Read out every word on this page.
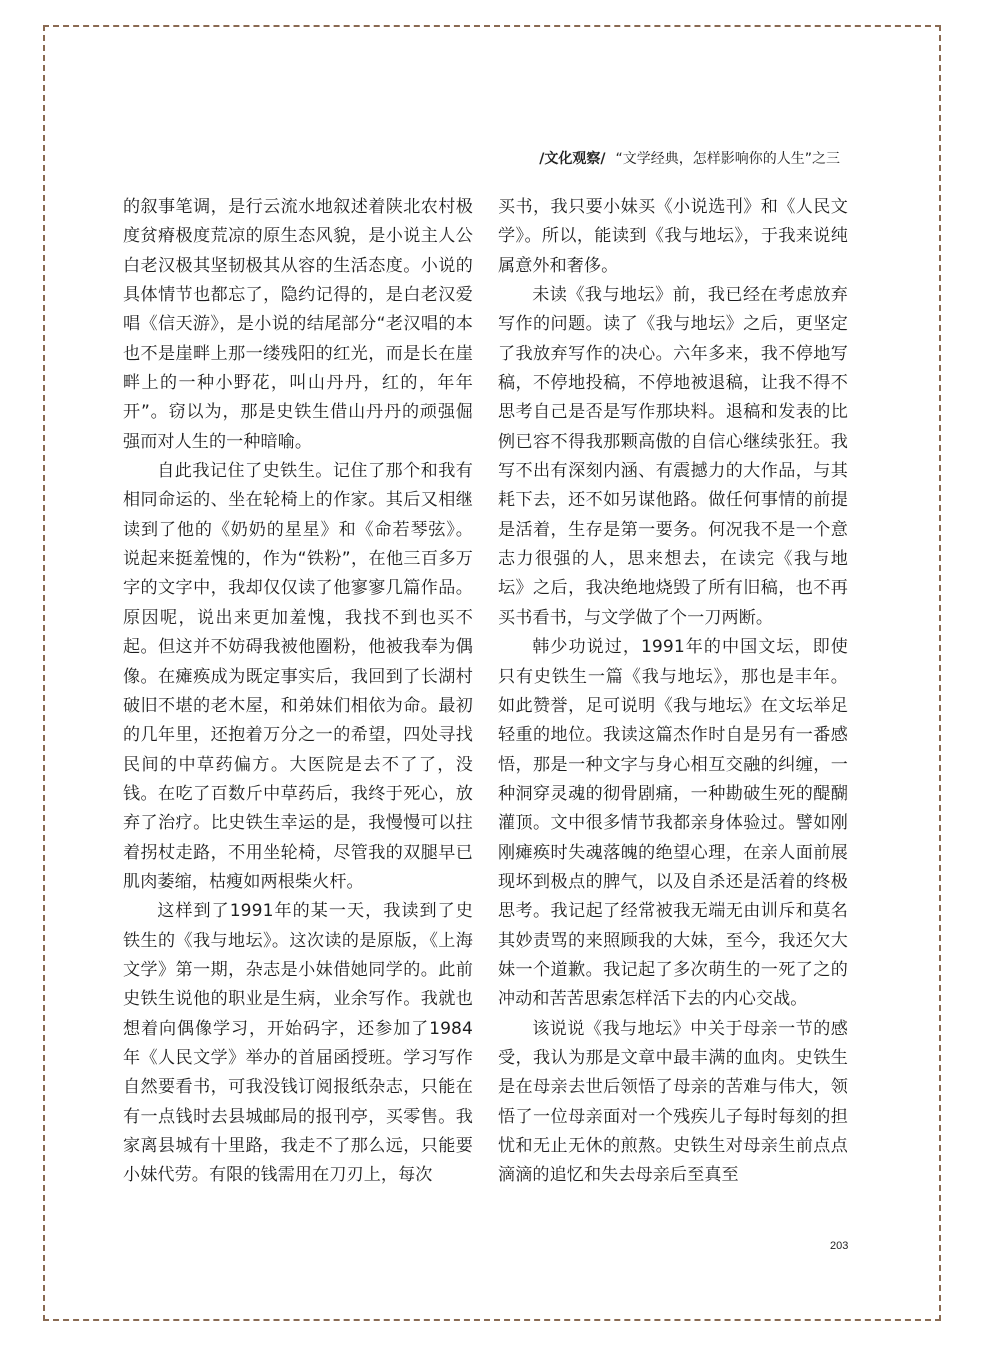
/文化观察/ “文学经典，怎样影响你的人生”之三

的叙事笔调，是行云流水地叙述着陕北农村极度贫瘠极度荒凉的原生态风貌，是小说主人公白老汉极其坚韧极其从容的生活态度。小说的具体情节也都忘了，隐约记得的，是白老汉爱唱《信天游》，是小说的结尾部分“老汉唱的本也不是崖畔上那一缕残阳的红光，而是长在崖畔上的一种小野花，叫山丹丹，红的，年年开”。窃以为，那是史铁生借山丹丹的顽强倔强而对人生的一种暗喻。

自此我记住了史铁生。记住了那个和我有相同命运的、坐在轮椅上的作家。其后又相继读到了他的《奶奶的星星》和《命若琴弦》。说起来挺羞愧的，作为“铁粉”，在他三百多万字的文字中，我却仅仅读了他寥寥几篇作品。原因呢，说出来更加羞愧，我找不到也买不起。但这并不妨碍我被他圈粉，他被我奉为偶像。在瘫痪成为既定事实后，我回到了长湖村破旧不堪的老木屋，和弟妹们相依为命。最初的几年里，还抱着万分之一的希望，四处寻找民间的中草药偏方。大医院是去不了了，没钱。在吃了百数斤中草药后，我终于死心，放弃了治疗。比史铁生幸运的是，我慢慢可以拄着拐杖走路，不用坐轮椅，尽管我的双腿早已肌肉萎缩，枯瘦如两根柴火杆。

这样到了1991年的某一天，我读到了史铁生的《我与地坛》。这次读的是原版，《上海文学》第一期，杂志是小妹借她同学的。此前史铁生说他的职业是生病，业余写作。我就也想着向偶像学习，开始码字，还参加了1984年《人民文学》举办的首届函授班。学习写作自然要看书，可我没钱订阅报纸杂志，只能在有一点钱时去县城邮局的报刊亭，买零售。我家离县城有十里路，我走不了那么远，只能要小妹代劳。有限的钱需用在刀刃上，每次

买书，我只要小妹买《小说选刊》和《人民文学》。所以，能读到《我与地坛》，于我来说纯属意外和奢侈。

未读《我与地坛》前，我已经在考虑放弃写作的问题。读了《我与地坛》之后，更坚定了我放弃写作的决心。六年多来，我不停地写稿，不停地投稿，不停地被退稿，让我不得不思考自己是否是写作那块料。退稿和发表的比例已容不得我那颗高傲的自信心继续张狂。我写不出有深刻内涵、有震撼力的大作品，与其耗下去，还不如另谋他路。做任何事情的前提是活着，生存是第一要务。何况我不是一个意志力很强的人，思来想去，在读完《我与地坛》之后，我决绝地烧毁了所有旧稿，也不再买书看书，与文学做了个一刀两断。

韩少功说过，1991年的中国文坛，即使只有史铁生一篇《我与地坛》，那也是丰年。如此赞誉，足可说明《我与地坛》在文坛举足轻重的地位。我读这篇杰作时自是另有一番感悟，那是一种文字与身心相互交融的纠缠，一种洞穿灵魂的彻骨剧痛，一种勘破生死的醍醐灌顶。文中很多情节我都亲身体验过。譬如刚刚瘫痪时失魂落魄的绝望心理，在亲人面前展现坏到极点的脾气，以及自杀还是活着的终极思考。我记起了经常被我无端无由训斥和莫名其妙责骂的来照顾我的大妹，至今，我还欠大妹一个道歉。我记起了多次萌生的一死了之的冲动和苦苦思索怎样活下去的内心交战。

该说说《我与地坛》中关于母亲一节的感受，我认为那是文章中最丰满的血肉。史铁生是在母亲去世后领悟了母亲的苦难与伟大，领悟了一位母亲面对一个残疾儿子每时每刻的担忧和无止无休的煎熬。史铁生对母亲生前点点滴滴的追忆和失去母亲后至真至

203
